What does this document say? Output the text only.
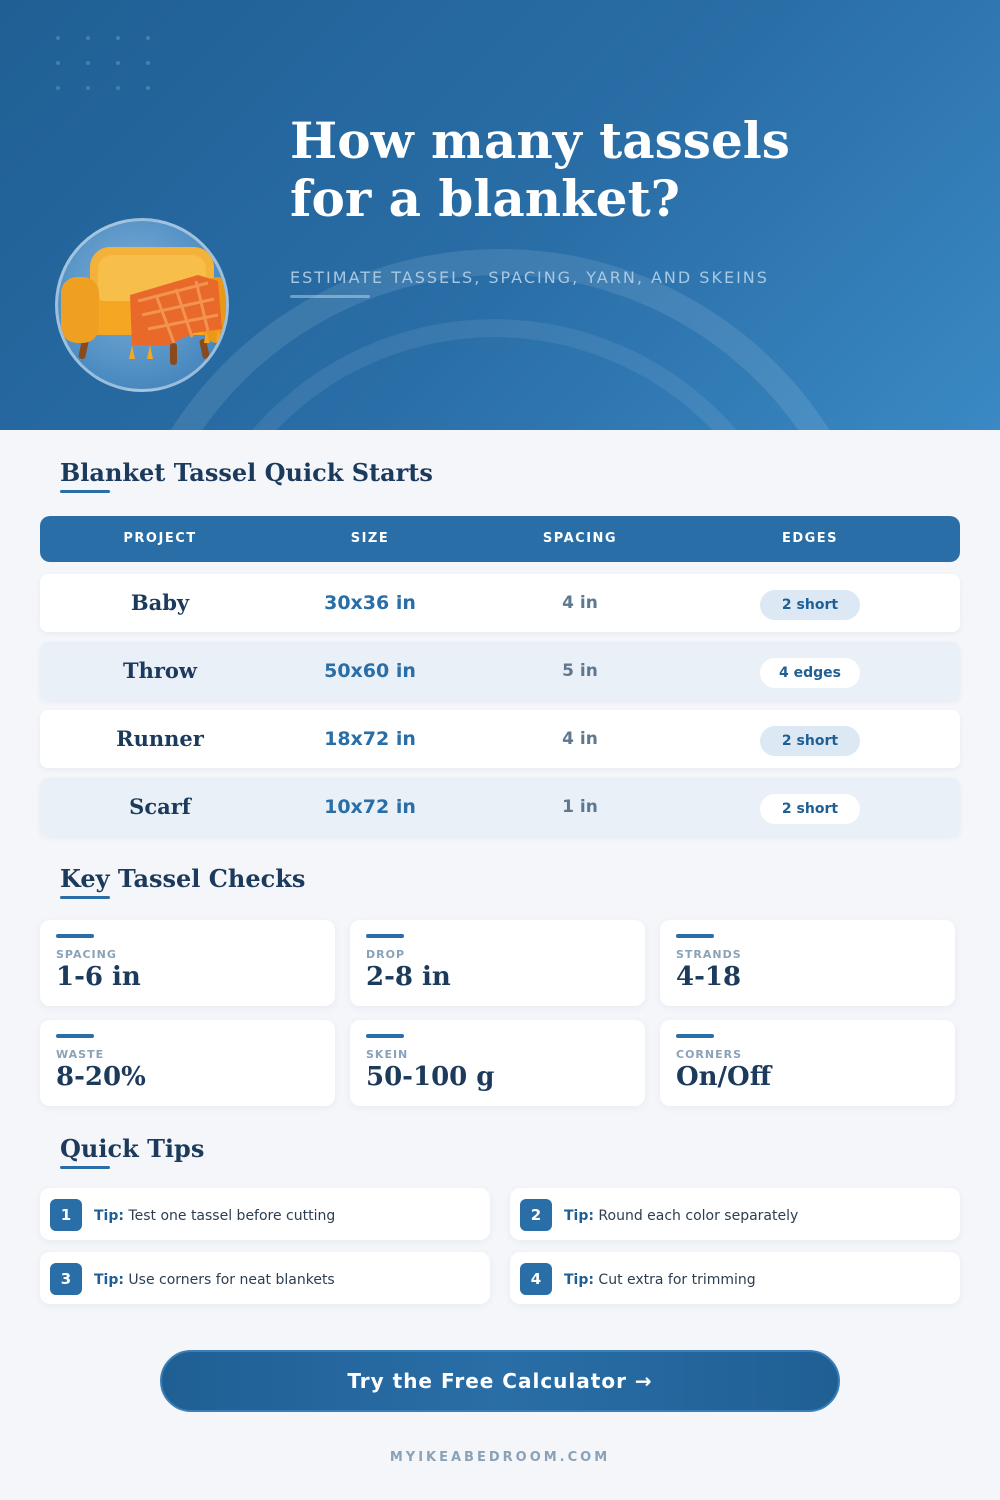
How many tassels
for a blanket?
ESTIMATE TASSELS, SPACING, YARN, AND SKEINS
Blanket Tassel Quick Starts
PROJECT	SIZE	SPACING	EDGES
Baby	30x36 in	4 in	2 short
Throw	50x60 in	5 in	4 edges
Runner	18x72 in	4 in	2 short
Scarf	10x72 in	1 in	2 short
Key Tassel Checks
SPACING
1-6 in
DROP
2-8 in
STRANDS
4-18
WASTE
8-20%
SKEIN
50-100 g
CORNERS
On/Off
Quick Tips
1	Tip: Test one tassel before cutting	2	Tip: Round each color separately
3	Tip: Use corners for neat blankets	4	Tip: Cut extra for trimming
Try the Free Calculator →
MYIKEABEDROOM.COM
